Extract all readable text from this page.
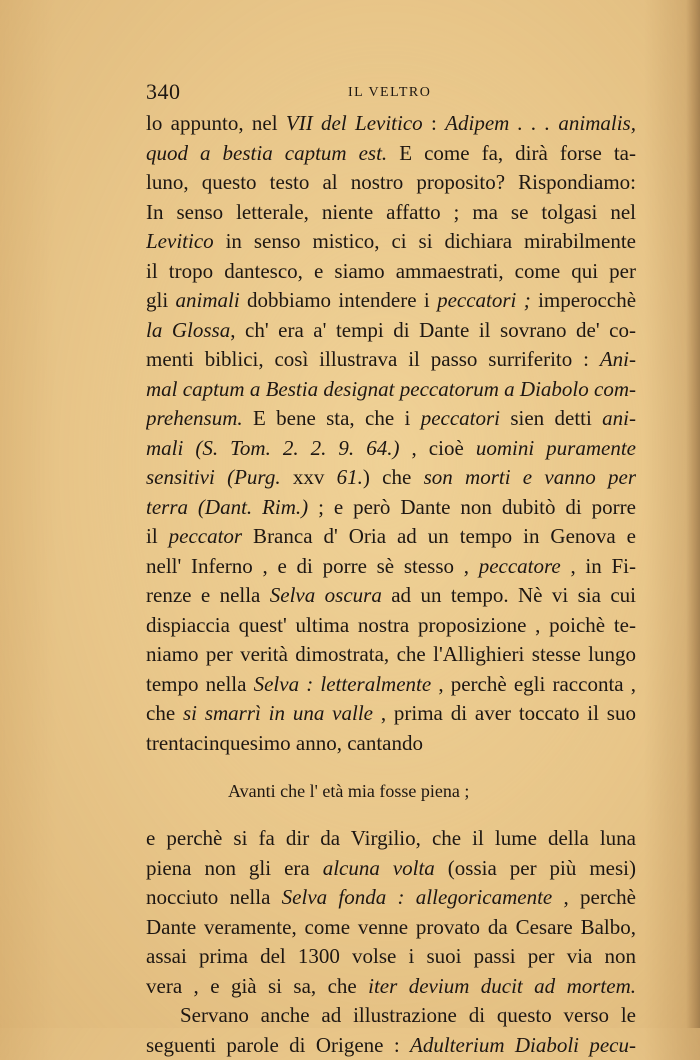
340	IL VELTRO
lo appunto, nel VII del Levitico : Adipem . . . animalis,
quod a bestia captum est. E come fa, dirà forse ta-
luno, questo testo al nostro proposito? Rispondiamo:
In senso letterale, niente affatto ; ma se tolgasi nel
Levitico in senso mistico, ci si dichiara mirabilmente
il tropo dantesco, e siamo ammaestrati, come qui per
gli animali dobbiamo intendere i peccatori ; imperocchè
la Glossa, ch' era a' tempi di Dante il sovrano de' co-
menti biblici, così illustrava il passo surriferito : Ani-
mal captum a Bestia designat peccatorum a Diabolo com-
prehensum. E bene sta, che i peccatori sien detti ani-
mali (S. Tom. 2. 2. 9. 64.) , cioè uomini puramente
sensitivi (Purg. xxv 61.) che son morti e vanno per
terra (Dant. Rim.) ; e però Dante non dubitò di porre
il peccator Branca d' Oria ad un tempo in Genova e
nell' Inferno , e di porre sè stesso , peccatore , in Fi-
renze e nella Selva oscura ad un tempo. Nè vi sia cui
dispiaccia quest' ultima nostra proposizione , poichè te-
niamo per verità dimostrata, che l'Allighieri stesse lungo
tempo nella Selva : letteralmente , perchè egli racconta ,
che si smarrì in una valle , prima di aver toccato il suo
trentacinquesimo anno, cantando
Avanti che l' età mia fosse piena ;
e perchè si fa dir da Virgilio, che il lume della luna
piena non gli era alcuna volta (ossia per più mesi)
nocciuto nella Selva fonda : allegoricamente , perchè
Dante veramente, come venne provato da Cesare Balbo,
assai prima del 1300 volse i suoi passi per via non
vera , e già si sa, che iter devium ducit ad mortem.
Servano anche ad illustrazione di questo verso le
seguenti parole di Origene : Adulterium Diaboli pecu-
